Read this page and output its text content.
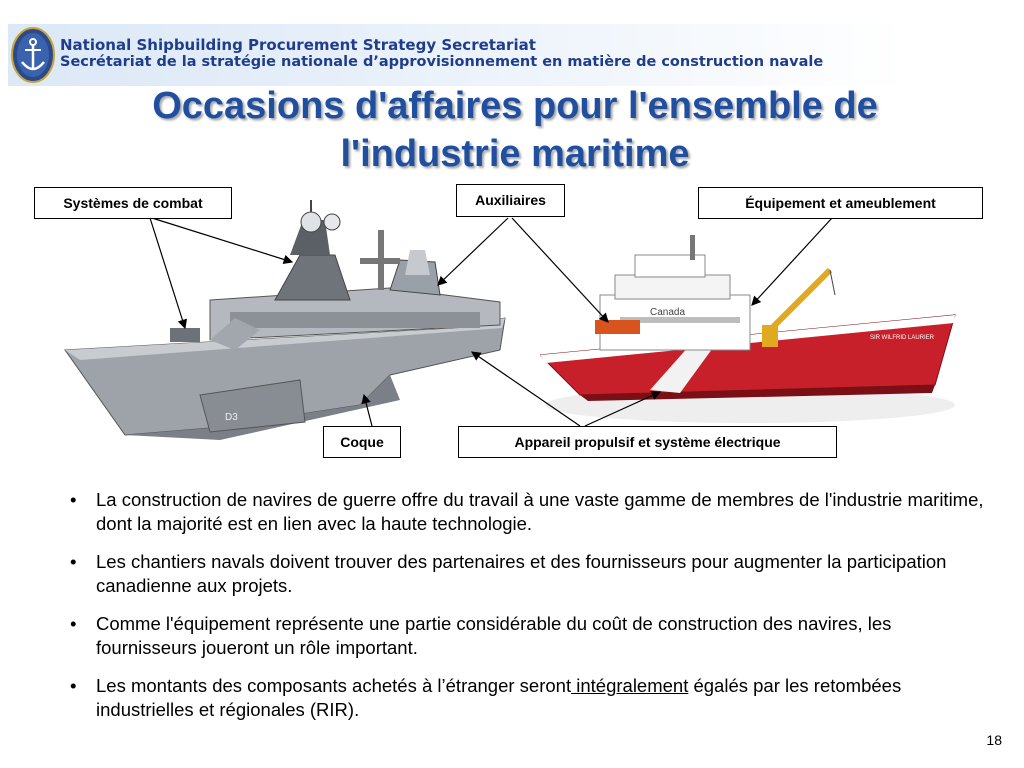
National Shipbuilding Procurement Strategy Secretariat
Secrétariat de la stratégie nationale d’approvisionnement en matière de construction navale
Occasions d'affaires pour l'ensemble de
l'industrie maritime
D3
Canada
SIR WILFRID LAURIER
Systèmes de combat	Auxiliaires	Équipement et ameublement
Coque	Appareil propulsif et système électrique
• La construction de navires de guerre offre du travail à une vaste gamme de membres de l'industrie maritime, dont la majorité est en lien avec la haute technologie.
• Les chantiers navals doivent trouver des partenaires et des fournisseurs pour augmenter la participation canadienne aux projets.
• Comme l'équipement représente une partie considérable du coût de construction des navires, les fournisseurs joueront un rôle important.
• Les montants des composants achetés à l’étranger seront intégralement égalés par les retombées industrielles et régionales (RIR).
18
